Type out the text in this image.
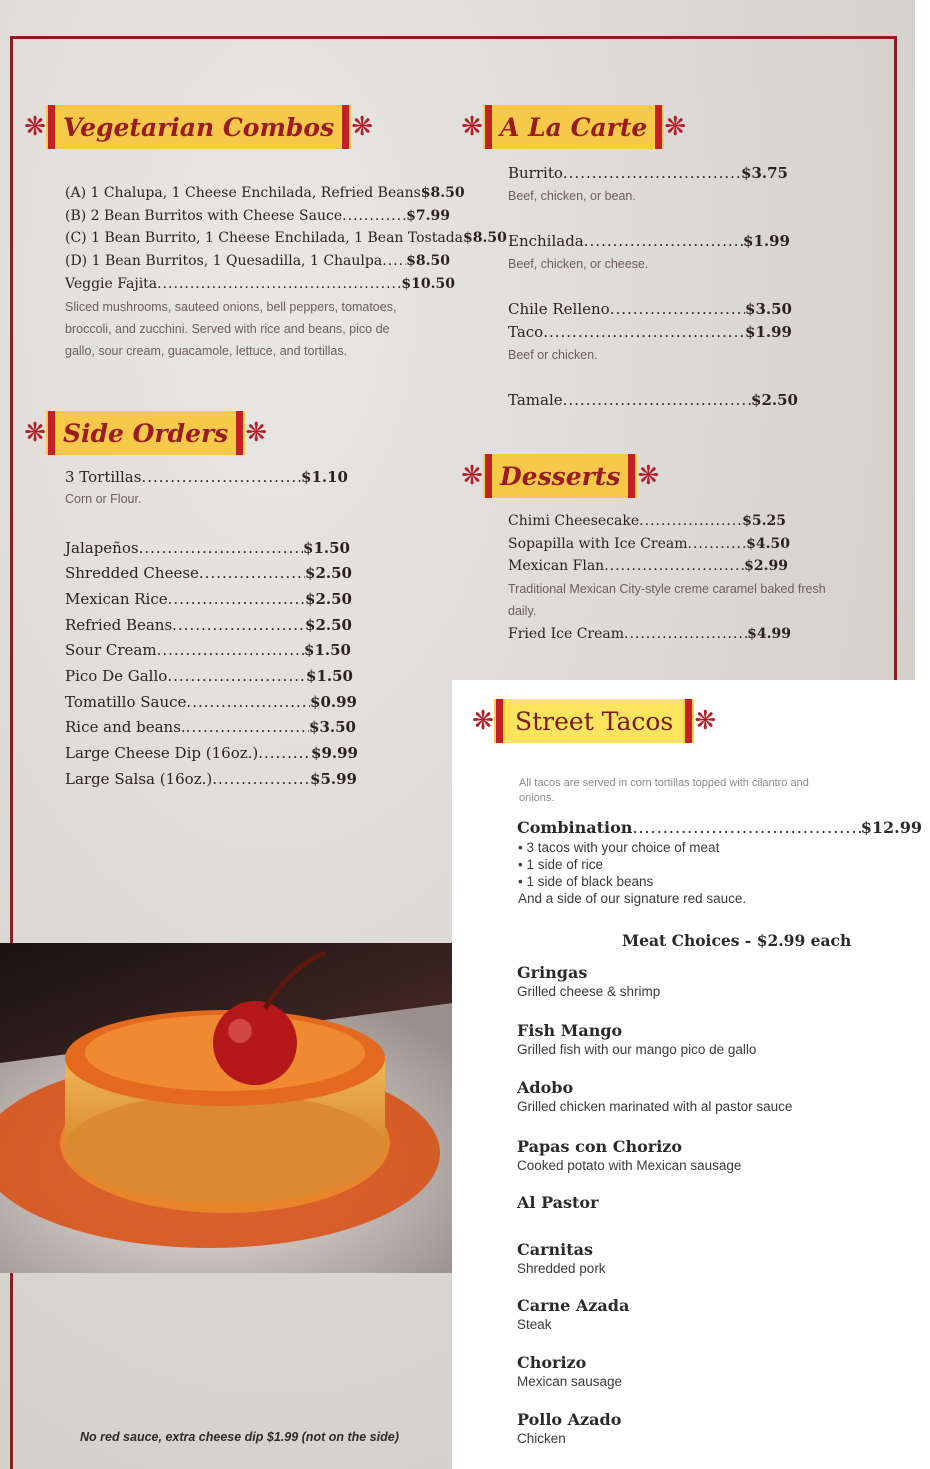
❋ Vegetarian Combos ❋	❋ A La Carte ❋
❋ Side Orders ❋
❋ Desserts ❋
(A) 1 Chalupa, 1 Cheese Enchilada, Refried Beans $8.50
(B) 2 Bean Burritos with Cheese Sauce .....	$7.99
(C) 1 Bean Burrito, 1 Cheese Enchilada, 1 Bean Tostada $8.50
(D) 1 Bean Burritos, 1 Quesadilla, 1 Chaulpa ..... $8.50
Veggie Fajita .....	$10.50
Sliced mushrooms, sauteed onions, bell peppers, tomatoes,
broccoli, and zucchini. Served with rice and beans, pico de
gallo, sour cream, guacamole, lettuce, and tortillas.
Burrito .....	$3.75
Beef, chicken, or bean.
Enchilada .....	$1.99
Beef, chicken, or cheese.
Chile Relleno .....	$3.50
Taco .....	$1.99
Beef or chicken.
Tamale .....	$2.50
3 Tortillas .....	$1.10
Corn or Flour.
Jalapeños .....	$1.50
Shredded Cheese .....	$2.50
Mexican Rice .....	$2.50
Refried Beans .....	$2.50
Sour Cream .....	$1.50
Pico De Gallo .....	$1.50
Tomatillo Sauce .....	$0.99
Rice and beans. .....	$3.50
Large Cheese Dip (16oz.) .....	$9.99
Large Salsa (16oz.) .....	$5.99
Chimi Cheesecake .....	$5.25
Sopapilla with Ice Cream .....	$4.50
Mexican Flan .....	$2.99
Traditional Mexican City-style creme caramel baked fresh
daily.
Fried Ice Cream .....	$4.99
No red sauce, extra cheese dip $1.99 (not on the side)
❋ Street Tacos ❋
All tacos are served in corn tortillas topped with cilantro and
onions.
Combination .....	$12.99
• 3 tacos with your choice of meat
• 1 side of rice
• 1 side of black beans
And a side of our signature red sauce.
Meat Choices - $2.99 each
Gringas
Grilled cheese & shrimp
Fish Mango
Grilled fish with our mango pico de gallo
Adobo
Grilled chicken marinated with al pastor sauce
Papas con Chorizo
Cooked potato with Mexican sausage
Al Pastor
Carnitas
Shredded pork
Carne Azada
Steak
Chorizo
Mexican sausage
Pollo Azado
Chicken
